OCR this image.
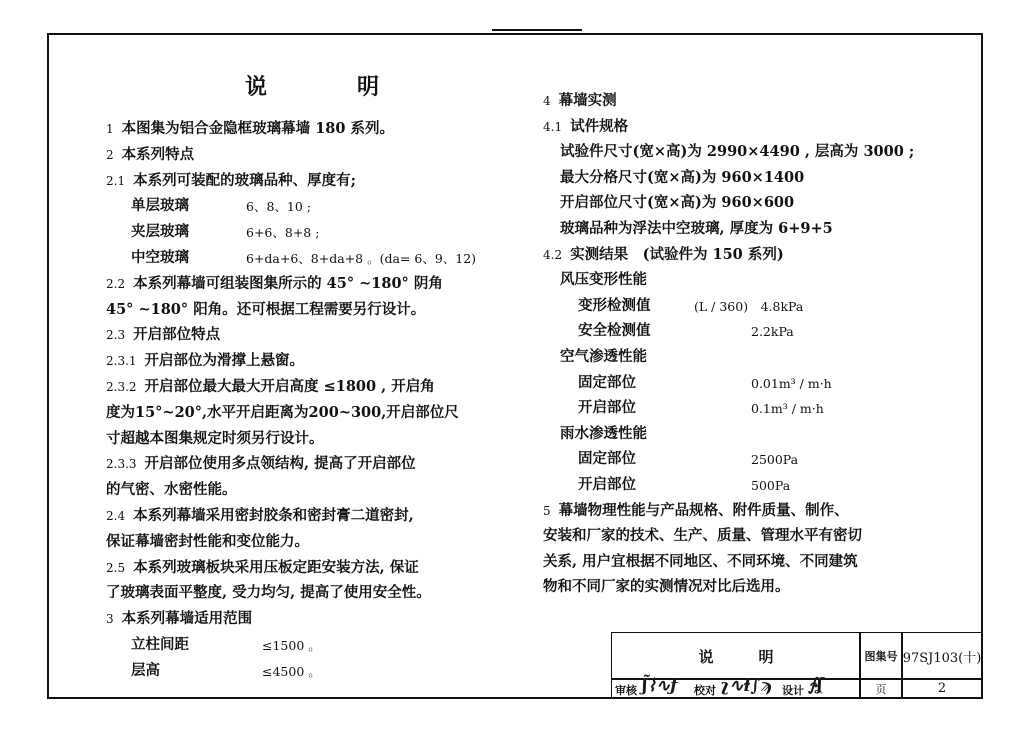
说　明
1 本图集为铝合金隐框玻璃幕墙 180 系列。
2 本系列特点
2.1 本系列可装配的玻璃品种、厚度有;
单层玻璃	6、8、10 ;
夹层玻璃	6+6、8+8 ;
中空玻璃	6+da+6、8+da+8 。(da= 6、9、12)
2.2 本系列幕墙可组装图集所示的 45° ~180° 阴角
45° ~180° 阳角。还可根据工程需要另行设计。
2.3 开启部位特点
2.3.1 开启部位为滑撑上悬窗。
2.3.2 开启部位最大最大开启高度 ≤1800 , 开启角
度为15°~20°,水平开启距离为200~300,开启部位尺
寸超越本图集规定时须另行设计。
2.3.3 开启部位使用多点领结构, 提高了开启部位
的气密、水密性能。
2.4 本系列幕墙采用密封胶条和密封膏二道密封,
保证幕墙密封性能和变位能力。
2.5 本系列玻璃板块采用压板定距安装方法, 保证
了玻璃表面平整度, 受力均匀, 提高了使用安全性。
3 本系列幕墙适用范围
立柱间距	≤1500 。
层高	≤4500 。
4 幕墙实测
4.1 试件规格
试验件尺寸(宽×高)为 2990×4490 , 层高为 3000 ;
最大分格尺寸(宽×高)为 960×1400
开启部位尺寸(宽×高)为 960×600
玻璃品种为浮法中空玻璃, 厚度为 6+9+5
4.2 实测结果　(试验件为 150 系列)
风压变形性能
变形检测值	(L / 360)　4.8kPa
安全检测值	2.2kPa
空气渗透性能
固定部位	0.01m³ / m·h
开启部位	0.1m³ / m·h
雨水渗透性能
固定部位	2500Pa
开启部位	500Pa
5 幕墙物理性能与产品规格、附件质量、制作、
安装和厂家的技术、生产、质量、管理水平有密切
关系, 用户宜根据不同地区、不同环境、不同建筑
物和不同厂家的实测情况对比后选用。
说　　　明	图集号 97SJ103(十)
审核 ʃ̃⌇∿ƒ 校对 ʅ∿ɫ∫ϡ 设计 ∱ʆ	页	2
